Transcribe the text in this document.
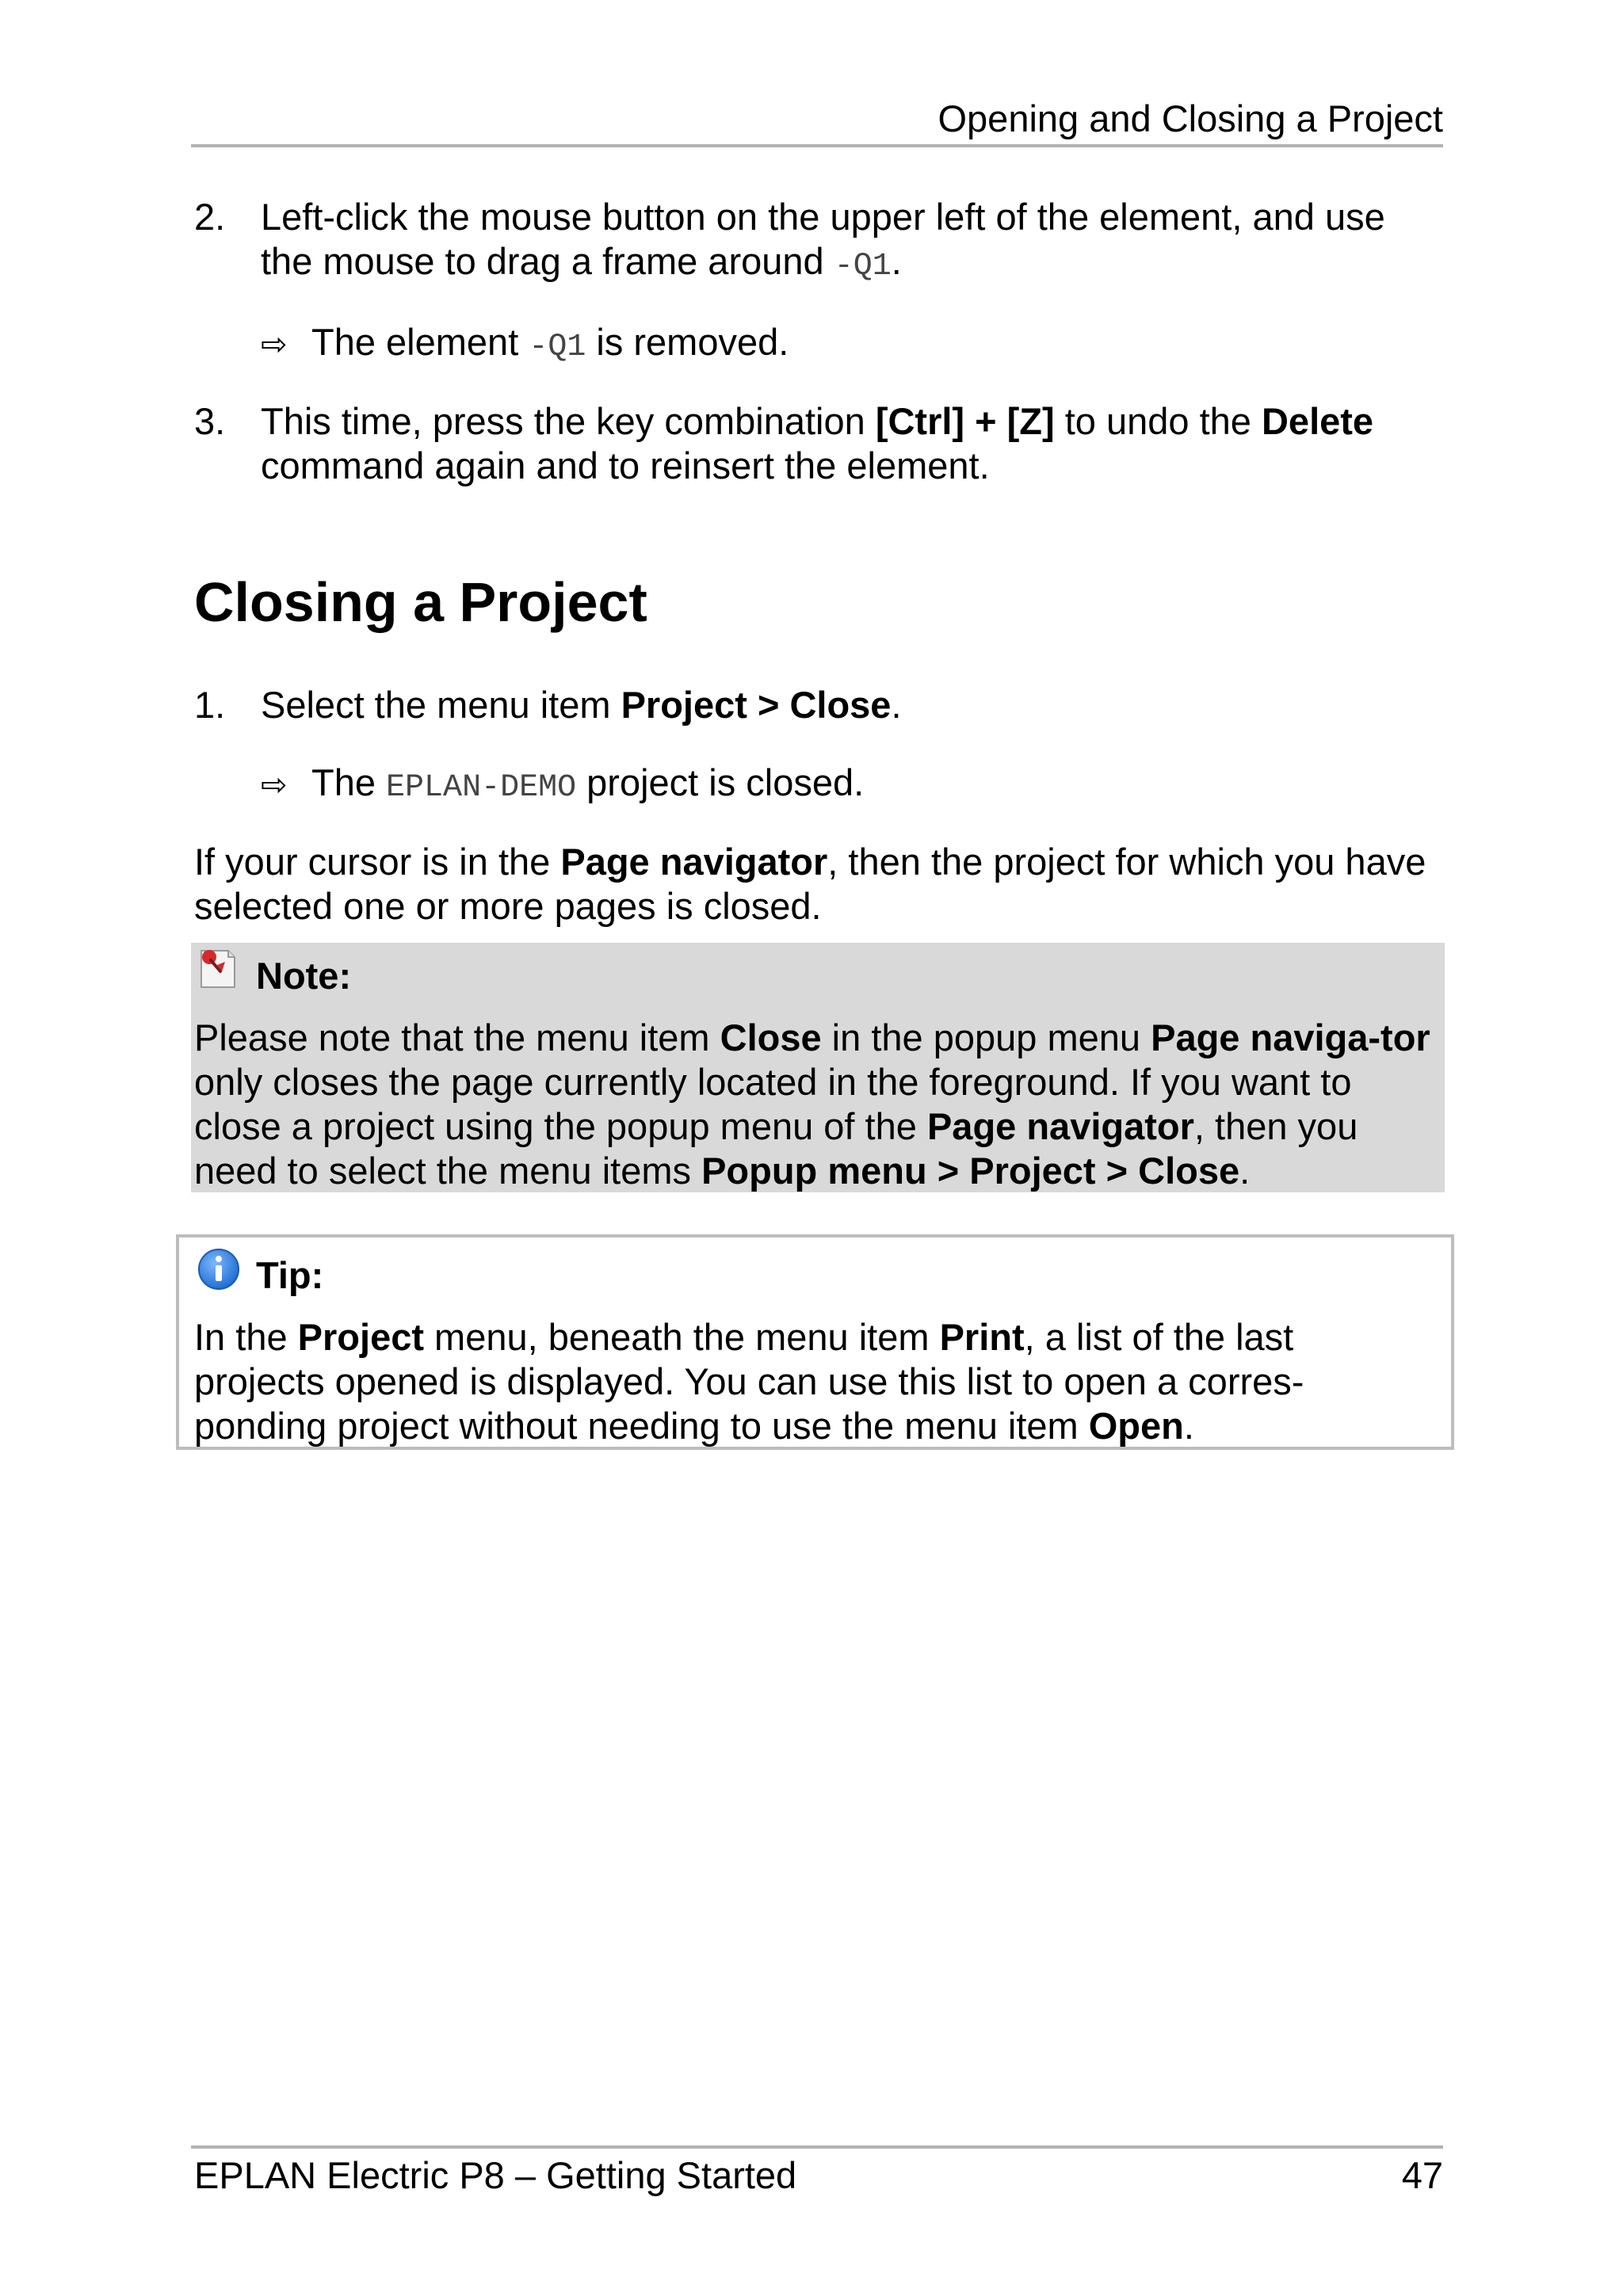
Opening and Closing a Project
2. Left-click the mouse button on the upper left of the element, and use the mouse to drag a frame around -Q1.
⇨ The element -Q1 is removed.
3. This time, press the key combination [Ctrl] + [Z] to undo the Delete command again and to reinsert the element.
Closing a Project
1. Select the menu item Project > Close.
⇨ The EPLAN-DEMO project is closed.
If your cursor is in the Page navigator, then the project for which you have selected one or more pages is closed.
Note:
Please note that the menu item Close in the popup menu Page naviga-tor only closes the page currently located in the foreground. If you want to close a project using the popup menu of the Page navigator, then you need to select the menu items Popup menu > Project > Close.
Tip:
In the Project menu, beneath the menu item Print, a list of the last projects opened is displayed. You can use this list to open a corres-ponding project without needing to use the menu item Open.
EPLAN Electric P8 – Getting Started	47
